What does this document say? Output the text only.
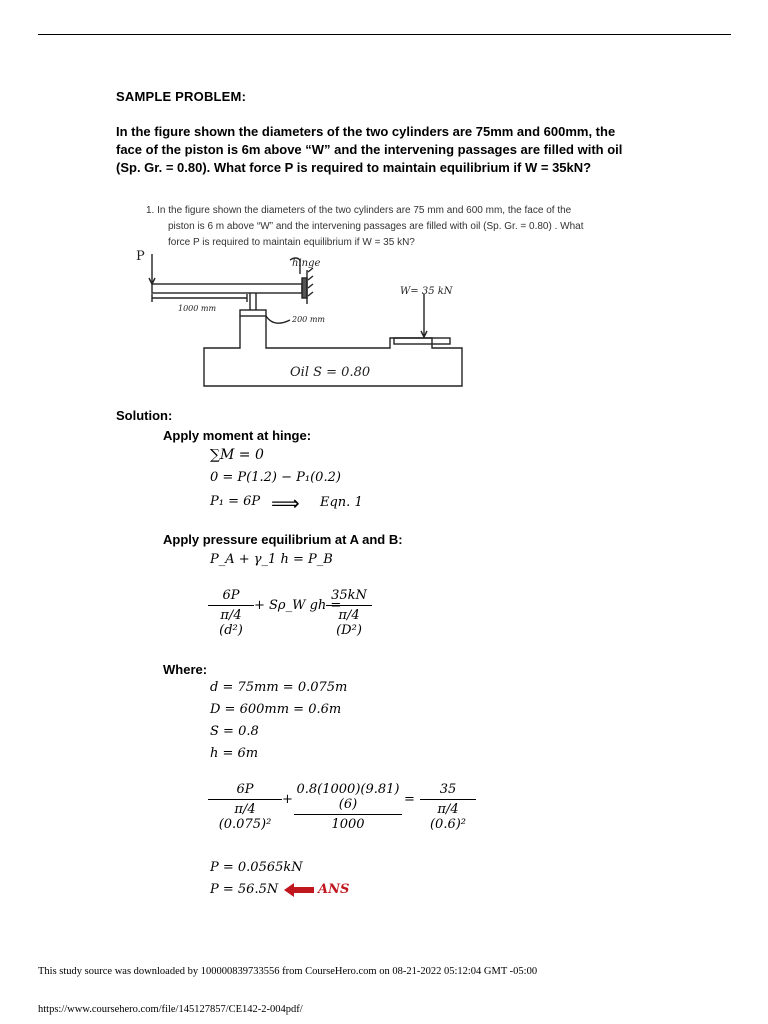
SAMPLE PROBLEM:

In the figure shown the diameters of the two cylinders are 75mm and 600mm, the

face of the piston is 6m above “W” and the intervening passages are filled with oil

(Sp. Gr. = 0.80). What force P is required to maintain equilibrium if W = 35kN?

1. In the figure shown the diameters of the two cylinders are 75 mm and 600 mm, the face of the
piston is 6 m above “W” and the intervening passages are filled with oil (Sp. Gr. = 0.80) . What
force P is required to maintain equilibrium if W = 35 kN?
P	hinge
W= 35 kN
1000 mm
200 mm
Oil S = 0.80
Solution:
Apply moment at hinge:
∑M = 0
0 = P(1.2) − P₁(0.2)
P₁ = 6P ⟹ Eqn. 1
Apply pressure equilibrium at A and B:
P_A + γ_1 h = P_B
$\frac{6P}{\text{π/4 (d²)}}$ + Sρ_W gh =
$\frac{35kN}{\text{π/4 (D²)}}$
Where:
d = 75mm = 0.075m
D = 600mm = 0.6m
S = 0.8
h = 6m
$\frac{6P}{\text{π/4 (0.075)²}} + \frac{0.8(1000)(9.81)(6)}{1000} = \frac{35}{\text{π/4 (0.6)²}}$
P = 0.0565kN
P = 56.5N	ANS
This study source was downloaded by 100000839733556 from CourseHero.com on 08-21-2022 05:12:04 GMT -05:00
https://www.coursehero.com/file/145127857/CE142-2-004pdf/
